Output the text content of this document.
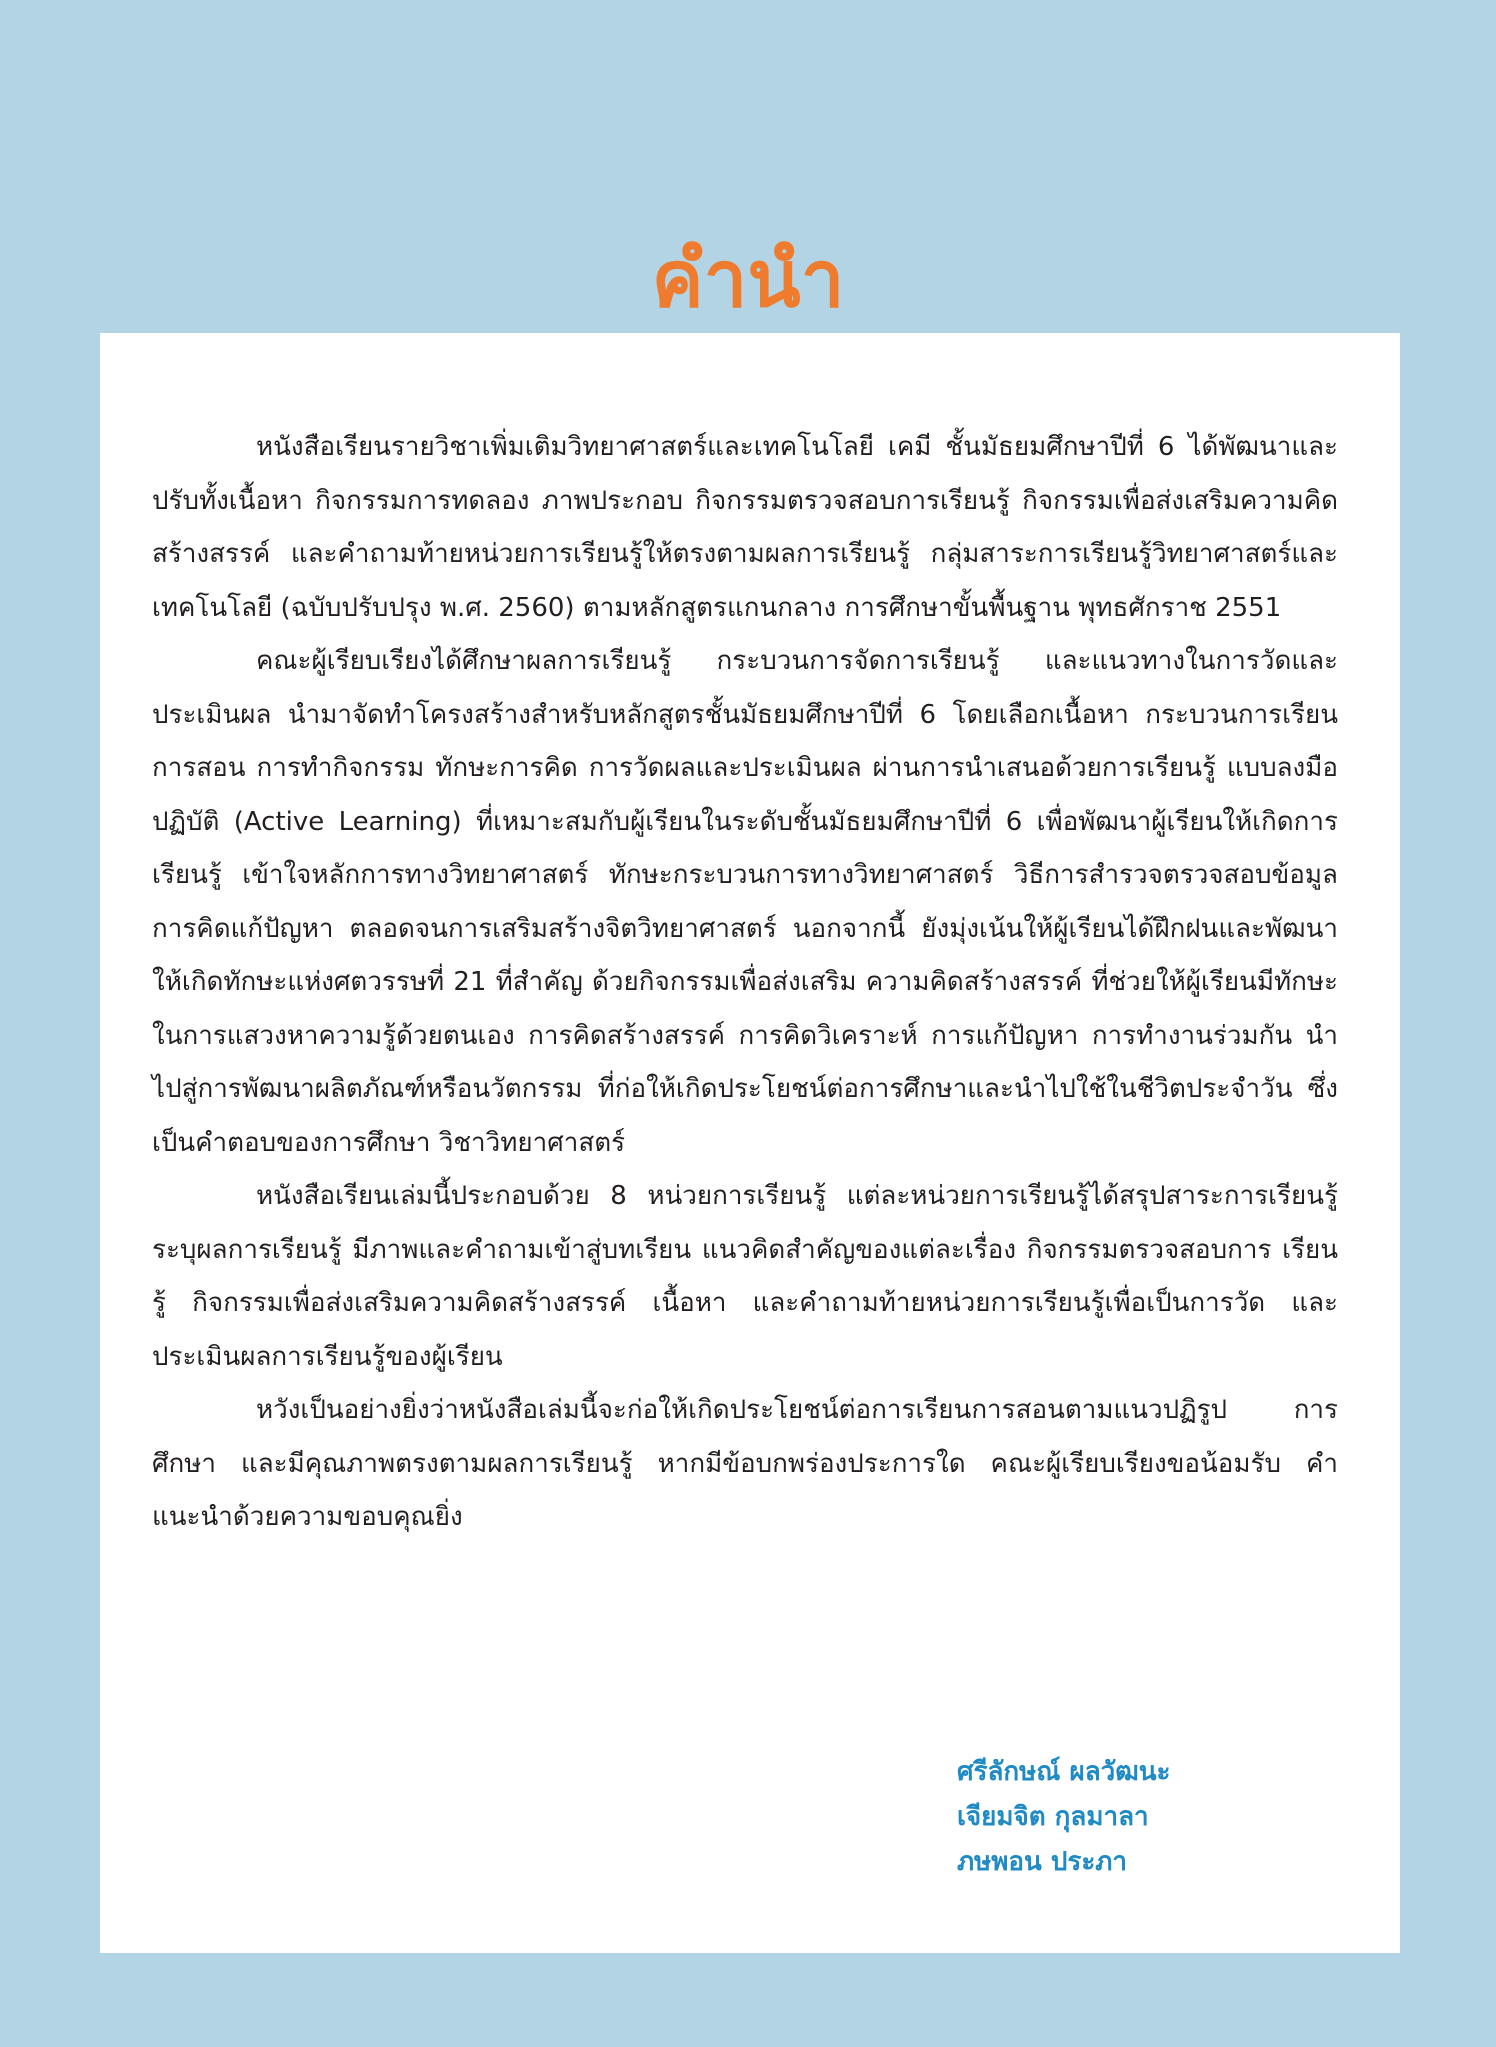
คำนำ

หนังสือเรียนรายวิชาเพิ่มเติมวิทยาศาสตร์และเทคโนโลยี เคมี ชั้นมัธยมศึกษาปีที่ 6 ได้พัฒนาและปรับทั้งเนื้อหา กิจกรรมการทดลอง ภาพประกอบ กิจกรรมตรวจสอบการเรียนรู้ กิจกรรมเพื่อส่งเสริมความคิดสร้างสรรค์ และคำถามท้ายหน่วยการเรียนรู้ให้ตรงตามผลการเรียนรู้ กลุ่มสาระการเรียนรู้วิทยาศาสตร์และเทคโนโลยี (ฉบับปรับปรุง พ.ศ. 2560) ตามหลักสูตรแกนกลาง การศึกษาขั้นพื้นฐาน พุทธศักราช 2551

คณะผู้เรียบเรียงได้ศึกษาผลการเรียนรู้ กระบวนการจัดการเรียนรู้ และแนวทางในการวัดและประเมินผล นำมาจัดทำโครงสร้างสำหรับหลักสูตรชั้นมัธยมศึกษาปีที่ 6 โดยเลือกเนื้อหา กระบวนการเรียน การสอน การทำกิจกรรม ทักษะการคิด การวัดผลและประเมินผล ผ่านการนำเสนอด้วยการเรียนรู้ แบบลงมือปฏิบัติ (Active Learning) ที่เหมาะสมกับผู้เรียนในระดับชั้นมัธยมศึกษาปีที่ 6 เพื่อพัฒนาผู้เรียนให้เกิดการเรียนรู้ เข้าใจหลักการทางวิทยาศาสตร์ ทักษะกระบวนการทางวิทยาศาสตร์ วิธีการสำรวจตรวจสอบข้อมูล การคิดแก้ปัญหา ตลอดจนการเสริมสร้างจิตวิทยาศาสตร์ นอกจากนี้ ยังมุ่งเน้นให้ผู้เรียนได้ฝึกฝนและพัฒนาให้เกิดทักษะแห่งศตวรรษที่ 21 ที่สำคัญ ด้วยกิจกรรมเพื่อส่งเสริม ความคิดสร้างสรรค์ ที่ช่วยให้ผู้เรียนมีทักษะในการแสวงหาความรู้ด้วยตนเอง การคิดสร้างสรรค์ การคิดวิเคราะห์ การแก้ปัญหา การทำงานร่วมกัน นำไปสู่การพัฒนาผลิตภัณฑ์หรือนวัตกรรม ที่ก่อให้เกิดประโยชน์ต่อการศึกษาและนำไปใช้ในชีวิตประจำวัน ซึ่งเป็นคำตอบของการศึกษา วิชาวิทยาศาสตร์

หนังสือเรียนเล่มนี้ประกอบด้วย 8 หน่วยการเรียนรู้ แต่ละหน่วยการเรียนรู้ได้สรุปสาระการเรียนรู้ ระบุผลการเรียนรู้ มีภาพและคำถามเข้าสู่บทเรียน แนวคิดสำคัญของแต่ละเรื่อง กิจกรรมตรวจสอบการ เรียนรู้ กิจกรรมเพื่อส่งเสริมความคิดสร้างสรรค์ เนื้อหา และคำถามท้ายหน่วยการเรียนรู้เพื่อเป็นการวัด และประเมินผลการเรียนรู้ของผู้เรียน

หวังเป็นอย่างยิ่งว่าหนังสือเล่มนี้จะก่อให้เกิดประโยชน์ต่อการเรียนการสอนตามแนวปฏิรูป การศึกษา และมีคุณภาพตรงตามผลการเรียนรู้ หากมีข้อบกพร่องประการใด คณะผู้เรียบเรียงขอน้อมรับ คำแนะนำด้วยความขอบคุณยิ่ง

ศรีลักษณ์ ผลวัฒนะ
เจียมจิต กุลมาลา
ภษพอน ประภา
